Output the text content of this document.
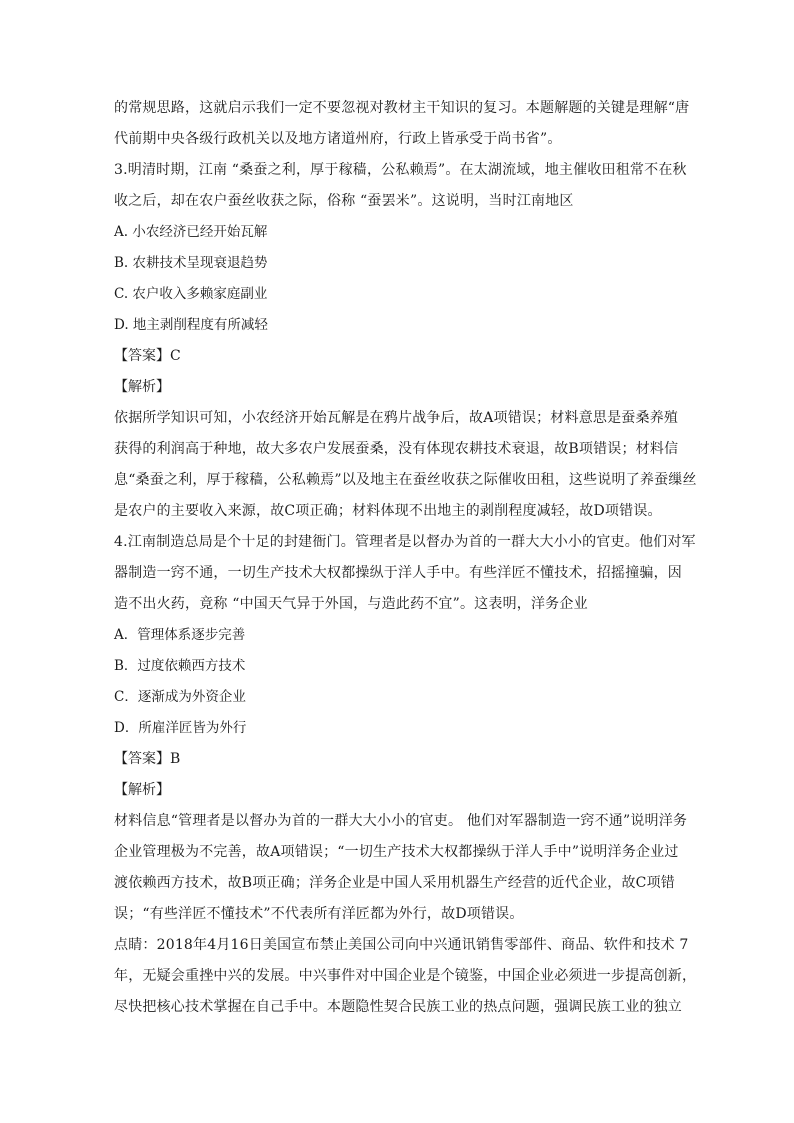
的常规思路，这就启示我们一定不要忽视对教材主干知识的复习。本题解题的关键是理解“唐
代前期中央各级行政机关以及地方诸道州府，行政上皆承受于尚书省”。
3.明清时期，江南 “桑蚕之利，厚于稼穑，公私赖焉”。在太湖流域，地主催收田租常不在秋
收之后，却在农户蚕丝收获之际，俗称 “蚕罢米”。这说明，当时江南地区
A. 小农经济已经开始瓦解
B. 农耕技术呈现衰退趋势
C. 农户收入多赖家庭副业
D. 地主剥削程度有所减轻
【答案】C
【解析】
依据所学知识可知，小农经济开始瓦解是在鸦片战争后，故A项错误；材料意思是蚕桑养殖
获得的利润高于种地，故大多农户发展蚕桑，没有体现农耕技术衰退，故B项错误；材料信
息“桑蚕之利，厚于稼穑，公私赖焉”以及地主在蚕丝收获之际催收田租，这些说明了养蚕缫丝
是农户的主要收入来源，故C项正确；材料体现不出地主的剥削程度减轻，故D项错误。
4.江南制造总局是个十足的封建衙门。管理者是以督办为首的一群大大小小的官吏。他们对军
器制造一窍不通，一切生产技术大权都操纵于洋人手中。有些洋匠不懂技术，招摇撞骗，因
造不出火药，竟称 “中国天气异于外国，与造此药不宜”。这表明，洋务企业
A．管理体系逐步完善
B．过度依赖西方技术
C．逐渐成为外资企业
D．所雇洋匠皆为外行
【答案】B
【解析】
材料信息“管理者是以督办为首的一群大大小小的官吏。 他们对军器制造一窍不通”说明洋务
企业管理极为不完善，故A项错误；“一切生产技术大权都操纵于洋人手中”说明洋务企业过
渡依赖西方技术，故B项正确；洋务企业是中国人采用机器生产经营的近代企业，故C项错
误；“有些洋匠不懂技术”不代表所有洋匠都为外行，故D项错误。
点睛：2018年4月16日美国宣布禁止美国公司向中兴通讯销售零部件、商品、软件和技术 7
年，无疑会重挫中兴的发展。中兴事件对中国企业是个镜鉴，中国企业必须进一步提高创新，
尽快把核心技术掌握在自己手中。本题隐性契合民族工业的热点问题，强调民族工业的独立
